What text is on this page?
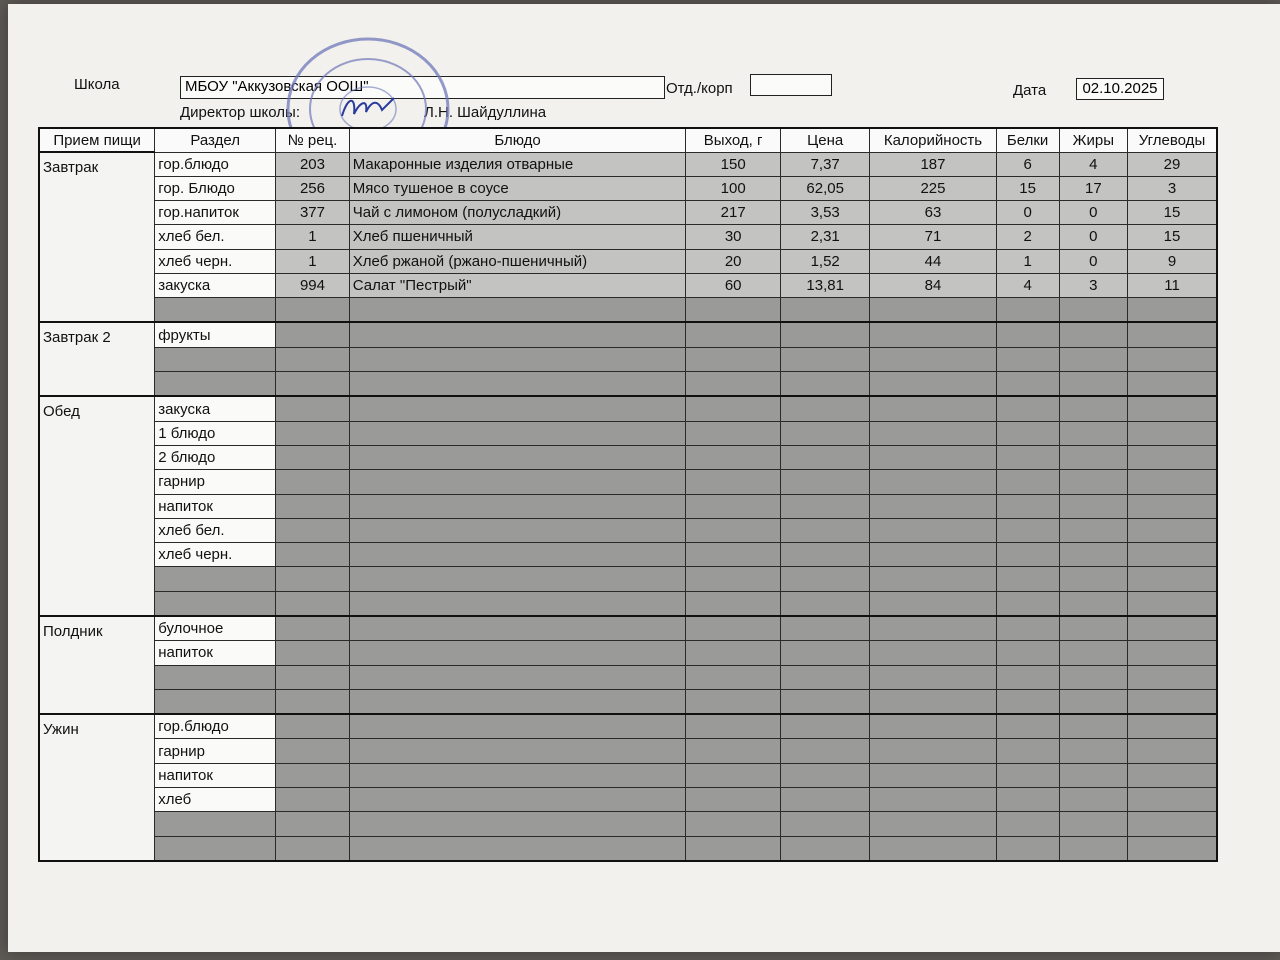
Школа	МБОУ "Аккузовская ООШ"	Отд./корп	Дата	02.10.2025
Директор школы:	Л.Н. Шайдуллина
Прием пищи	Раздел	№ рец.	Блюдо	Выход, г	Цена	Калорийность	Белки	Жиры	Углеводы
Завтрак	гор.блюдо	203	Макаронные изделия отварные	150	7,37	187	6	4	29
	гор. Блюдо	256	Мясо тушеное в соусе	100	62,05	225	15	17	3
	гор.напиток	377	Чай с лимоном (полусладкий)	217	3,53	63	0	0	15
	хлеб бел.	1	Хлеб пшеничный	30	2,31	71	2	0	15
	хлеб черн.	1	Хлеб ржаной (ржано-пшеничный)	20	1,52	44	1	0	9
	закуска	994	Салат "Пестрый"	60	13,81	84	4	3	11

Завтрак 2	фрукты								

Обед	закуска								
	1 блюдо								
	2 блюдо								
	гарнир								
	напиток								
	хлеб бел.								
	хлеб черн.								

Полдник	булочное								
	напиток								

Ужин	гор.блюдо								
	гарнир								
	напиток								
	хлеб								
